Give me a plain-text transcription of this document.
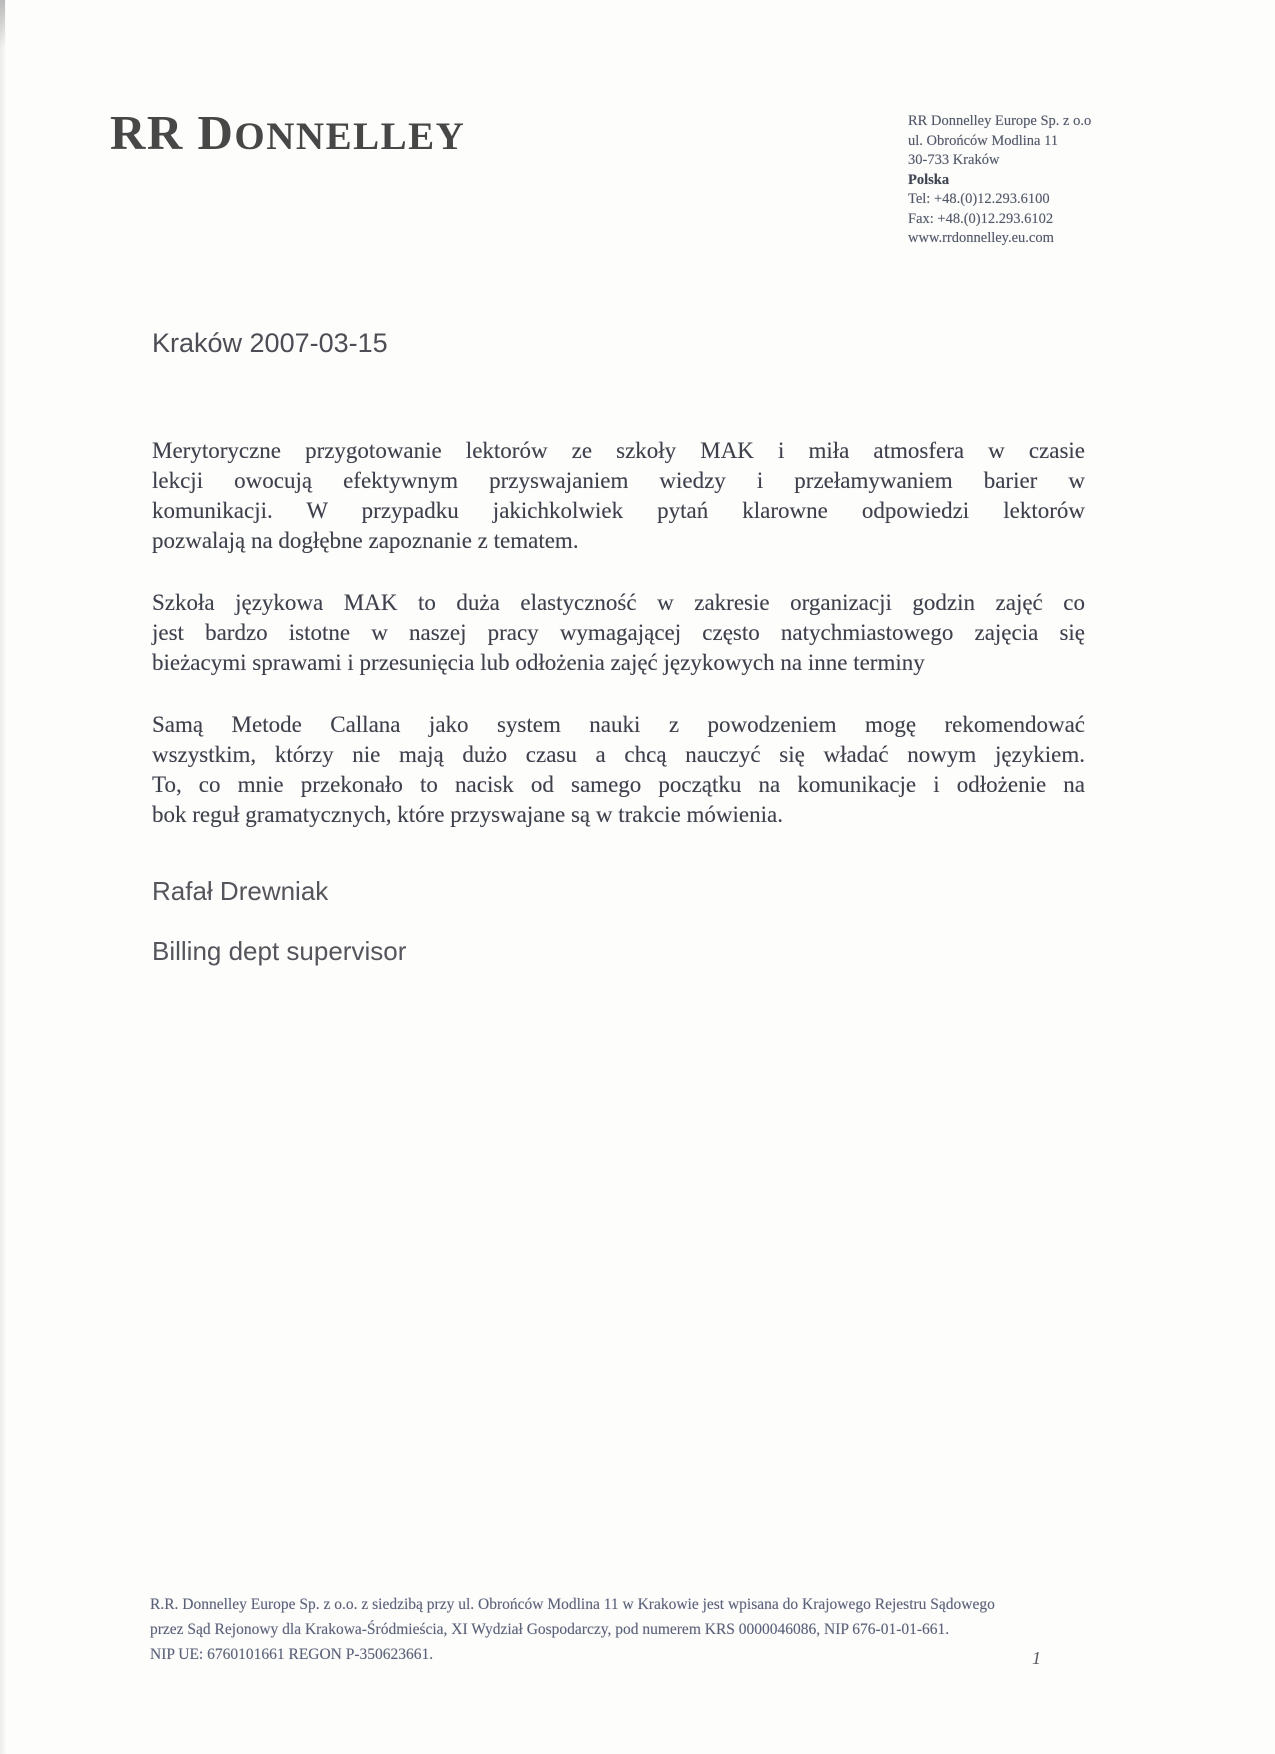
RR DONNELLEY	RR Donnelley Europe Sp. z o.o
ul. Obrońców Modlina 11
30-733 Kraków
Polska
Tel: +48.(0)12.293.6100
Fax: +48.(0)12.293.6102
www.rrdonnelley.eu.com
Kraków 2007-03-15
Merytoryczne przygotowanie lektorów ze szkoły MAK i miła atmosfera w czasie
lekcji owocują efektywnym przyswajaniem wiedzy i przełamywaniem barier w
komunikacji. W przypadku jakichkolwiek pytań klarowne odpowiedzi lektorów
pozwalają na dogłębne zapoznanie z tematem.
Szkoła językowa MAK to duża elastyczność w zakresie organizacji godzin zajęć co
jest bardzo istotne w naszej pracy wymagającej często natychmiastowego zajęcia się
bieżacymi sprawami i przesunięcia lub odłożenia zajęć językowych na inne terminy
Samą Metode Callana jako system nauki z powodzeniem mogę rekomendować
wszystkim, którzy nie mają dużo czasu a chcą nauczyć się władać nowym językiem.
To, co mnie przekonało to nacisk od samego początku na komunikacje i odłożenie na
bok reguł gramatycznych, które przyswajane są w trakcie mówienia.
Rafał Drewniak
Billing dept supervisor
R.R. Donnelley Europe Sp. z o.o. z siedzibą przy ul. Obrońców Modlina 11 w Krakowie jest wpisana do Krajowego Rejestru Sądowego
przez Sąd Rejonowy dla Krakowa-Śródmieścia, XI Wydział Gospodarczy, pod numerem KRS 0000046086, NIP 676-01-01-661.
NIP UE: 6760101661 REGON P-350623661.	1
